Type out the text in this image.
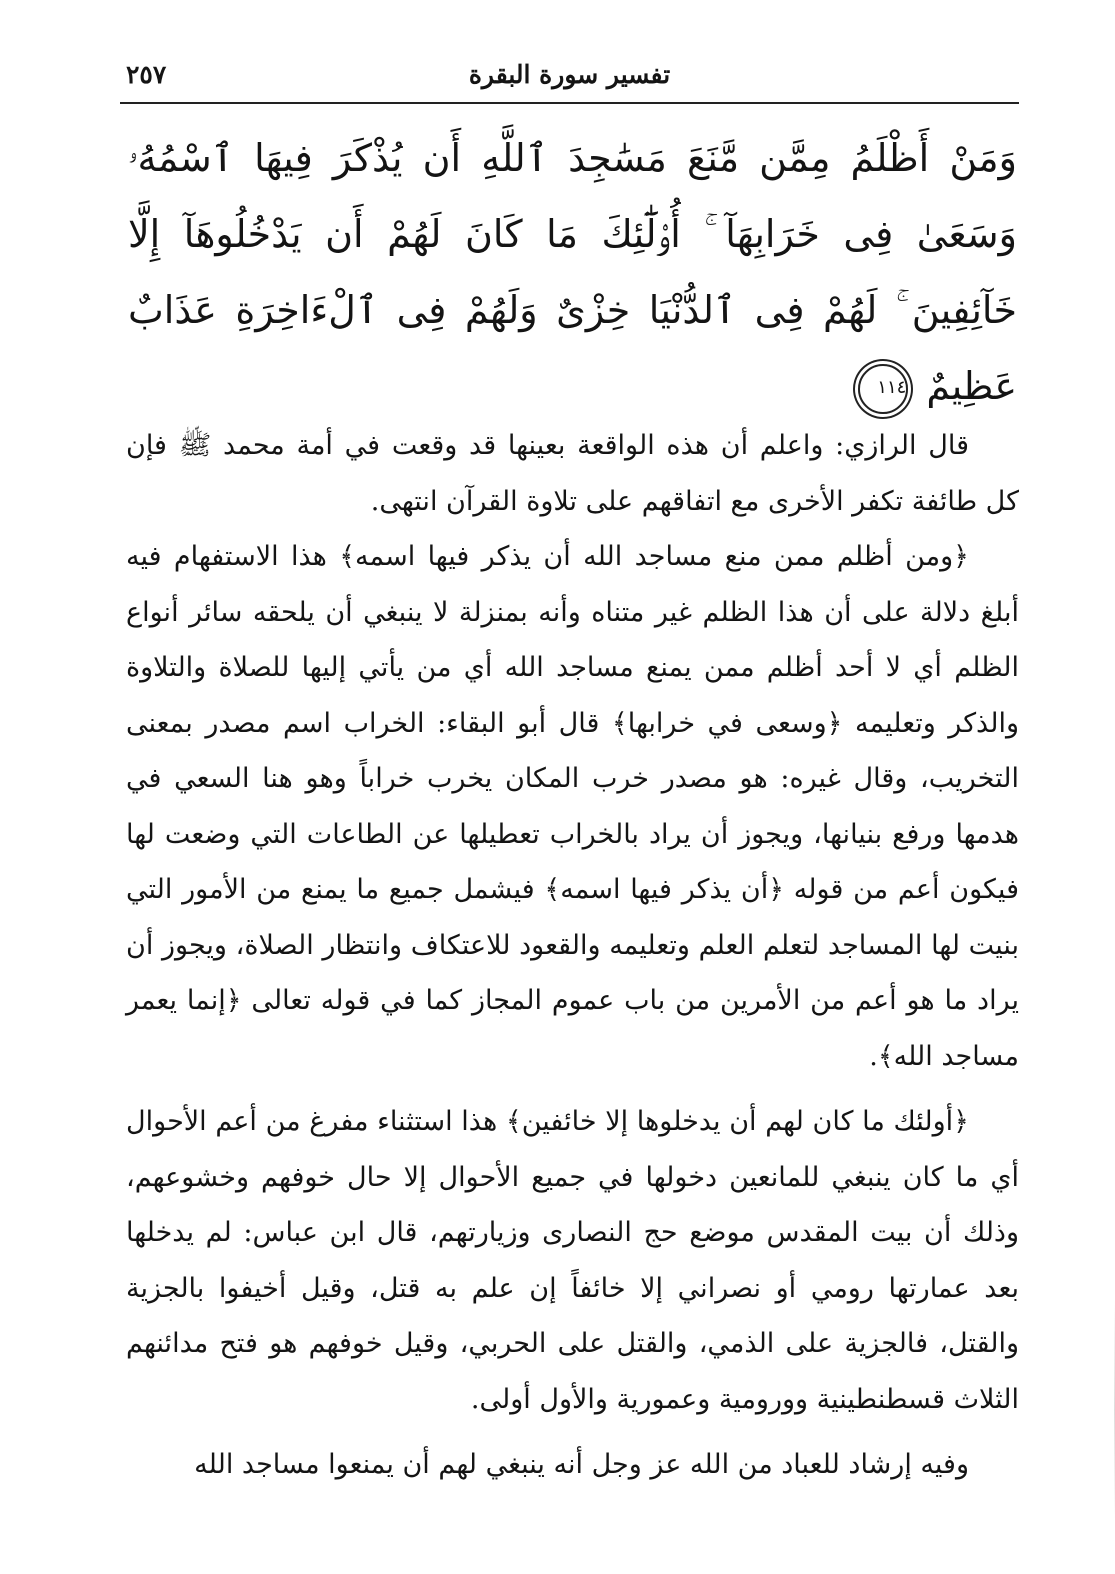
تفسير سورة البقرة
٢٥٧
وَمَنْ أَظْلَمُ مِمَّن مَّنَعَ مَسَٰجِدَ ٱللَّهِ أَن يُذْكَرَ فِيهَا ٱسْمُهُۥ وَسَعَىٰ فِى خَرَابِهَآ ۚ أُو۟لَٰٓئِكَ مَا كَانَ لَهُمْ أَن يَدْخُلُوهَآ إِلَّا خَآئِفِينَ ۚ لَهُمْ فِى ٱلدُّنْيَا خِزْىٌ وَلَهُمْ فِى ٱلْءَاخِرَةِ عَذَابٌ عَظِيمٌ ١١٤

قال الرازي: واعلم أن هذه الواقعة بعينها قد وقعت في أمة محمد ﷺ فإن كل طائفة تكفر الأخرى مع اتفاقهم على تلاوة القرآن انتهى.

﴿ومن أظلم ممن منع مساجد الله أن يذكر فيها اسمه﴾ هذا الاستفهام فيه أبلغ دلالة على أن هذا الظلم غير متناه وأنه بمنزلة لا ينبغي أن يلحقه سائر أنواع الظلم أي لا أحد أظلم ممن يمنع مساجد الله أي من يأتي إليها للصلاة والتلاوة والذكر وتعليمه ﴿وسعى في خرابها﴾ قال أبو البقاء: الخراب اسم مصدر بمعنى التخريب، وقال غيره: هو مصدر خرب المكان يخرب خراباً وهو هنا السعي في هدمها ورفع بنيانها، ويجوز أن يراد بالخراب تعطيلها عن الطاعات التي وضعت لها فيكون أعم من قوله ﴿أن يذكر فيها اسمه﴾ فيشمل جميع ما يمنع من الأمور التي بنيت لها المساجد لتعلم العلم وتعليمه والقعود للاعتكاف وانتظار الصلاة، ويجوز أن يراد ما هو أعم من الأمرين من باب عموم المجاز كما في قوله تعالى ﴿إنما يعمر مساجد الله﴾.

﴿أولئك ما كان لهم أن يدخلوها إلا خائفين﴾ هذا استثناء مفرغ من أعم الأحوال أي ما كان ينبغي للمانعين دخولها في جميع الأحوال إلا حال خوفهم وخشوعهم، وذلك أن بيت المقدس موضع حج النصارى وزيارتهم، قال ابن عباس: لم يدخلها بعد عمارتها رومي أو نصراني إلا خائفاً إن علم به قتل، وقيل أخيفوا بالجزية والقتل، فالجزية على الذمي، والقتل على الحربي، وقيل خوفهم هو فتح مدائنهم الثلاث قسطنطينية وورومية وعمورية والأول أولى.

وفيه إرشاد للعباد من الله عز وجل أنه ينبغي لهم أن يمنعوا مساجد الله
